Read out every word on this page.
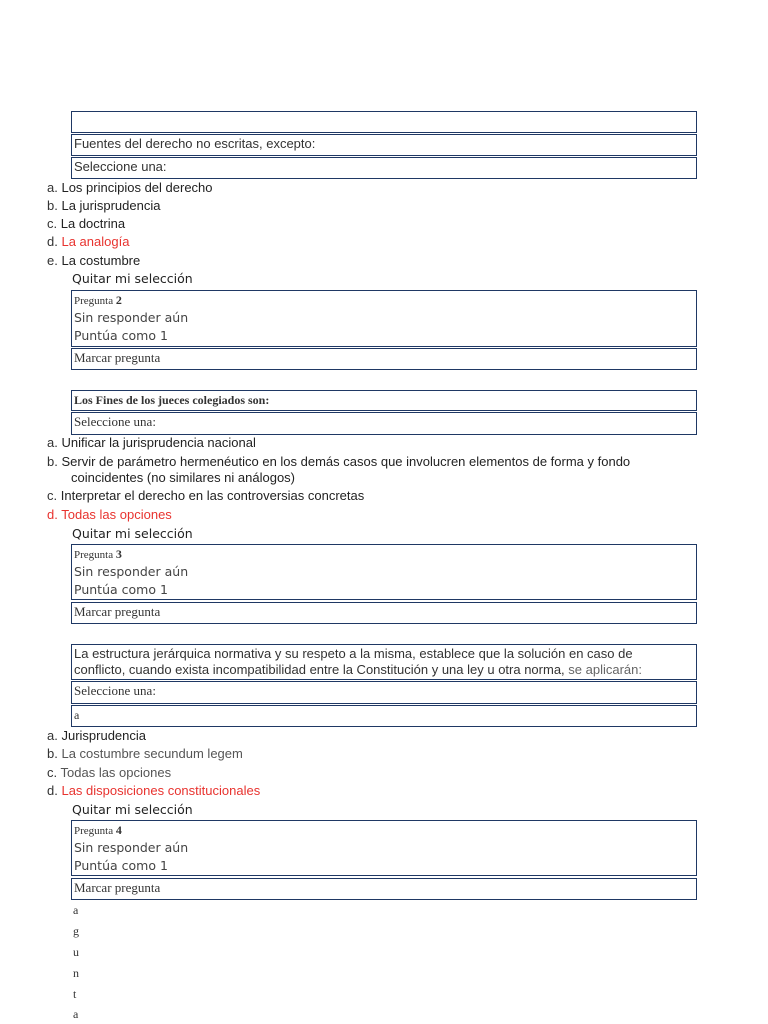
Fuentes del derecho no escritas, excepto:
Seleccione una:
a. Los principios del derecho
b. La jurisprudencia
c. La doctrina
d. La analogía
e. La costumbre
Quitar mi selección
Pregunta 2
Sin responder aún
Puntúa como 1
Marcar pregunta
Los Fines de los jueces colegiados son:
Seleccione una:
a. Unificar la jurisprudencia nacional
b. Servir de parámetro hermenéutico en los demás casos que involucren elementos de forma y fondo
coincidentes (no similares ni análogos)
c. Interpretar el derecho en las controversias concretas
d. Todas las opciones
Quitar mi selección
Pregunta 3
Sin responder aún
Puntúa como 1
Marcar pregunta
La estructura jerárquica normativa y su respeto a la misma, establece que la solución en caso de
conflicto, cuando exista incompatibilidad entre la Constitución y una ley u otra norma, se aplicarán:
Seleccione una:
a
a. Jurisprudencia
b. La costumbre secundum legem
c. Todas las opciones
d. Las disposiciones constitucionales
Quitar mi selección
Pregunta 4
Sin responder aún
Puntúa como 1
Marcar pregunta
a
g
u
n
t
a
